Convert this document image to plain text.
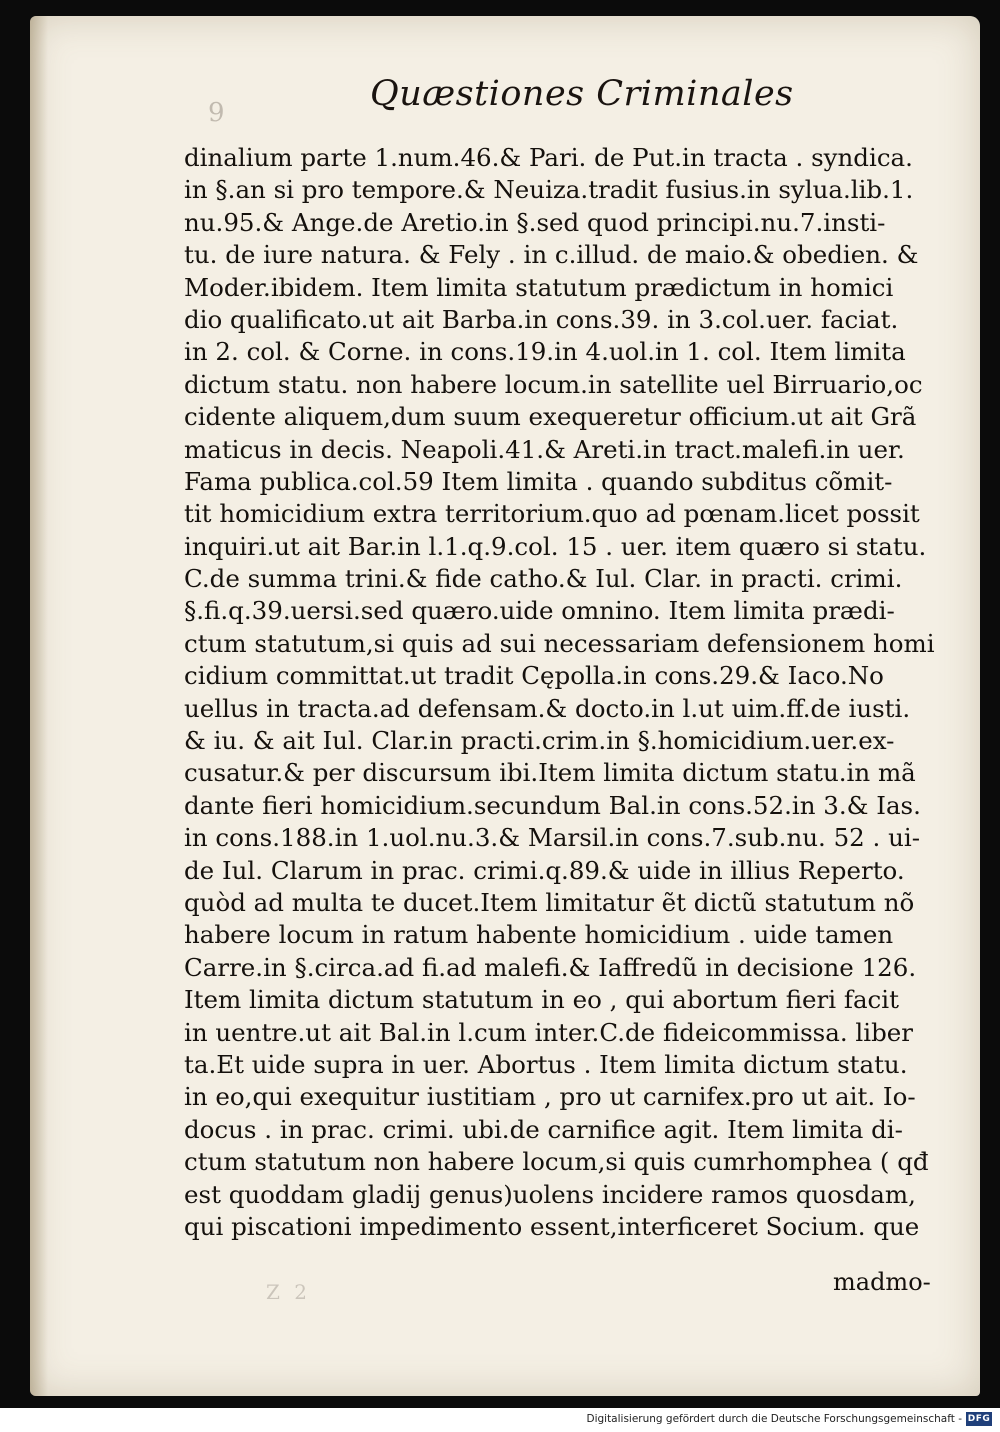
9	Quæstiones Criminales
dinalium parte 1.num.46.& Pari. de Put.in tracta . syndica.
in §.an si pro tempore.& Neuiza.tradit fusius.in sylua.lib.1.
nu.95.& Ange.de Aretio.in §.sed quod principi.nu.7.insti-
tu. de iure natura. & Fely . in c.illud. de maio.& obedien. &
Moder.ibidem. Item limita statutum prædictum in homici
dio qualificato.ut ait Barba.in cons.39. in 3.col.uer. faciat.
in 2. col. & Corne. in cons.19.in 4.uol.in 1. col. Item limita
dictum statu. non habere locum.in satellite uel Birruario,oc
cidente aliquem,dum suum exequeretur officium.ut ait Grã
maticus in decis. Neapoli.41.& Areti.in tract.malefi.in uer.
Fama publica.col.59 Item limita . quando subditus cõmit-
tit homicidium extra territorium.quo ad pœnam.licet possit
inquiri.ut ait Bar.in l.1.q.9.col. 15 . uer. item quæro si statu.
C.de summa trini.& fide catho.& Iul. Clar. in practi. crimi.
§.fi.q.39.uersi.sed quæro.uide omnino. Item limita prædi-
ctum statutum,si quis ad sui necessariam defensionem homi
cidium committat.ut tradit Cępolla.in cons.29.& Iaco.No
uellus in tracta.ad defensam.& docto.in l.ut uim.ff.de iusti.
& iu. & ait Iul. Clar.in practi.crim.in §.homicidium.uer.ex-
cusatur.& per discursum ibi.Item limita dictum statu.in mã
dante fieri homicidium.secundum Bal.in cons.52.in 3.& Ias.
in cons.188.in 1.uol.nu.3.& Marsil.in cons.7.sub.nu. 52 . ui-
de Iul. Clarum in prac. crimi.q.89.& uide in illius Reperto.
quòd ad multa te ducet.Item limitatur ẽt dictũ statutum nõ
habere locum in ratum habente homicidium . uide tamen
Carre.in §.circa.ad fi.ad malefi.& Iaffredũ in decisione 126.
Item limita dictum statutum in eo , qui abortum fieri facit
in uentre.ut ait Bal.in l.cum inter.C.de fideicommissa. liber
ta.Et uide supra in uer. Abortus . Item limita dictum statu.
in eo,qui exequitur iustitiam , pro ut carnifex.pro ut ait. Io-
docus . in prac. crimi. ubi.de carnifice agit. Item limita di-
ctum statutum non habere locum,si quis cumrhomphea ( qđ
est quoddam gladij genus)uolens incidere ramos quosdam,
qui piscationi impedimento essent,interficeret Socium. que
Z 2	madmo-
Digitalisierung gefördert durch die Deutsche Forschungsgemeinschaft - DFG
